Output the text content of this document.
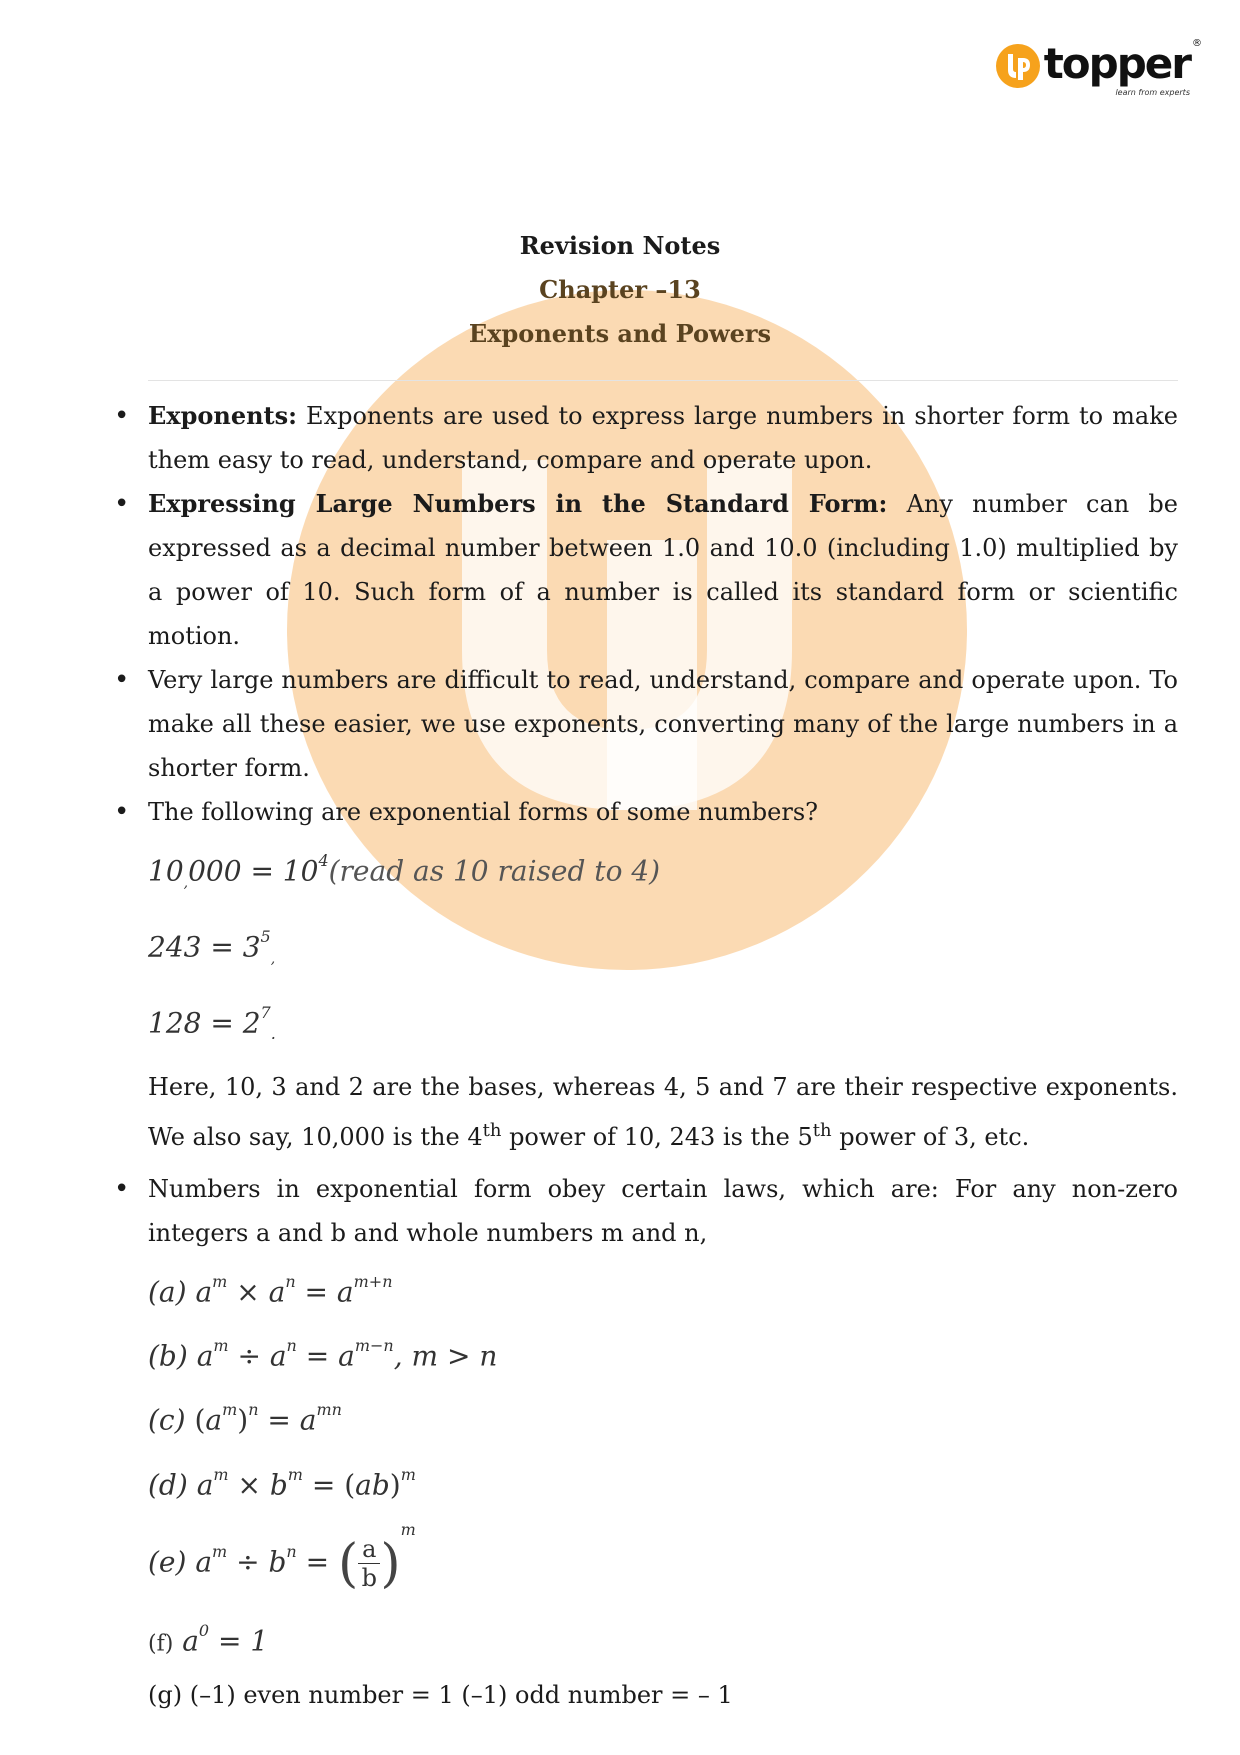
topper ®
learn from experts
Revision Notes
Chapter –13
Exponents and Powers
• Exponents: Exponents are used to express large numbers in shorter form to make them easy to read, understand, compare and operate upon.
• Expressing Large Numbers in the Standard Form: Any number can be expressed as a decimal number between 1.0 and 10.0 (including 1.0) multiplied by a power of 10. Such form of a number is called its standard form or scientific motion.
• Very large numbers are difficult to read, understand, compare and operate upon. To make all these easier, we use exponents, converting many of the large numbers in a shorter form.
• The following are exponential forms of some numbers?
$10_,000$ = $10^4(read$ as 10 raised to 4)
$243 = 3^5_,$
$128 = 2^7_.$
Here, 10, 3 and 2 are the bases, whereas 4, 5 and 7 are their respective exponents. We also say, 10,000 is the 4th power of 10, 243 is the 5th power of 3, etc.
• Numbers in exponential form obey certain laws, which are: For any non-zero integers a and b and whole numbers m and n,
(a) $a^m \times a^n = a^{m+n}$
(b) $a^m \div a^n = a^{m-n}$, m > n
(c) $(a^m)^n = a^{mn}$
(d) $a^m \times b^m = (ab)^m$
(e) $a^m \div b^n$ = ( $\frac{a}{b} )^m$
(f) $a^0 = 1$
(g) (–1) even number = 1 (–1) odd number = – 1
